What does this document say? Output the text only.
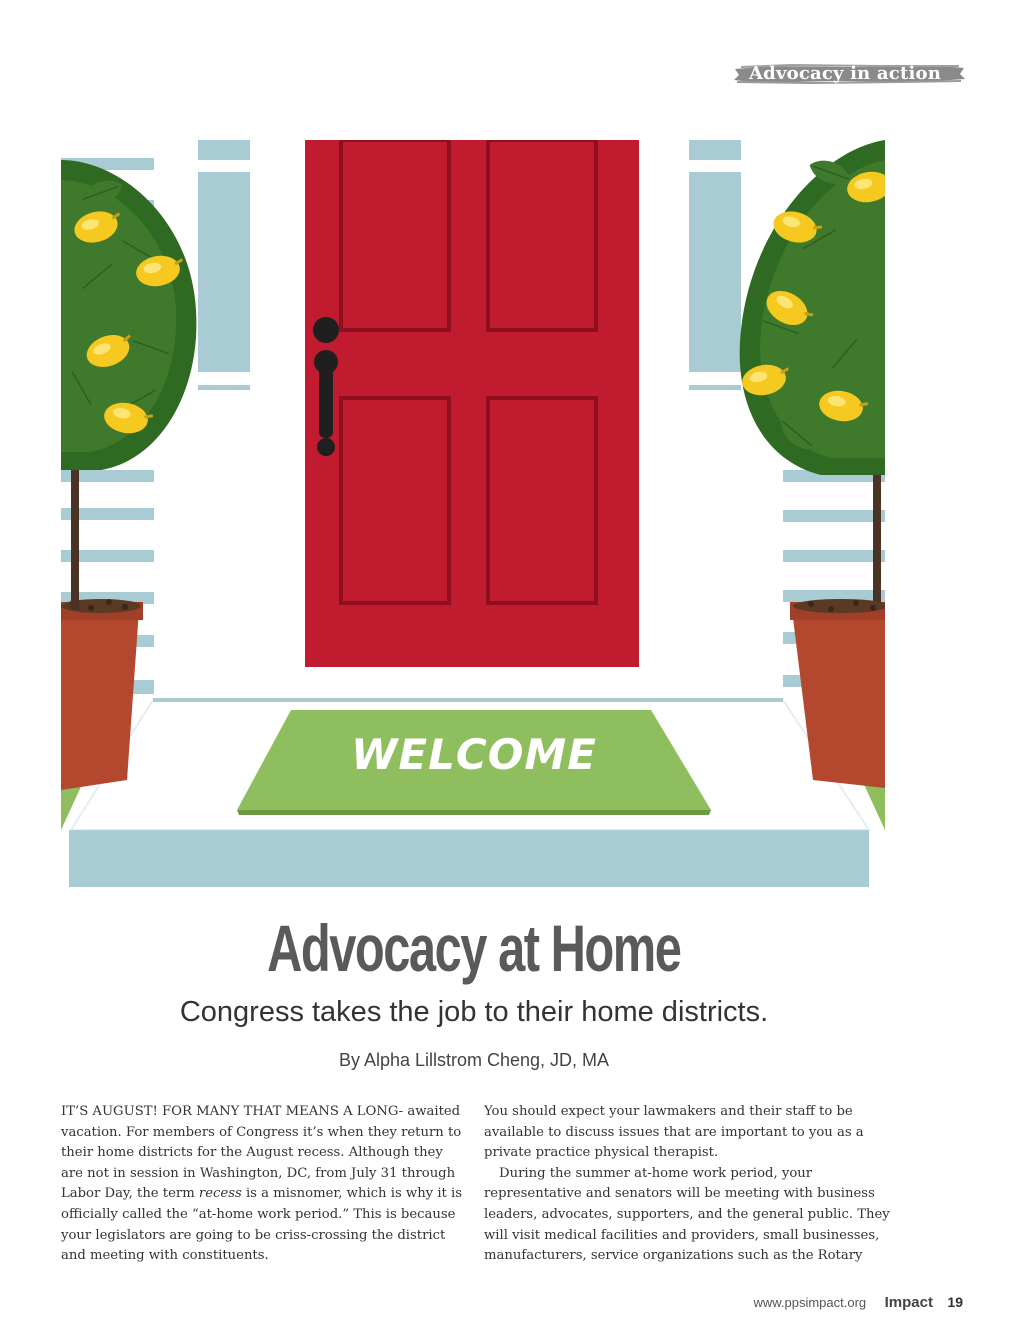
Advocacy in action
WELCOME
Advocacy at Home
Congress takes the job to their home districts.
By Alpha Lillstrom Cheng, JD, MA

IT’S AUGUST! FOR MANY THAT MEANS A LONG- awaited vacation. For members of Congress it’s when they return to their home districts for the August recess. Although they are not in session in Washington, DC, from July 31 through Labor Day, the term recess is a misnomer, which is why it is officially called the “at-home work period.” This is because your legislators are going to be criss-crossing the district and meeting with constituents.

You should expect your lawmakers and their staff to be available to discuss issues that are important to you as a private practice physical therapist.

During the summer at-home work period, your representative and senators will be meeting with business leaders, advocates, supporters, and the general public. They will visit medical facilities and providers, small businesses, manufacturers, service organizations such as the Rotary

www.ppsimpact.org Impact 19
